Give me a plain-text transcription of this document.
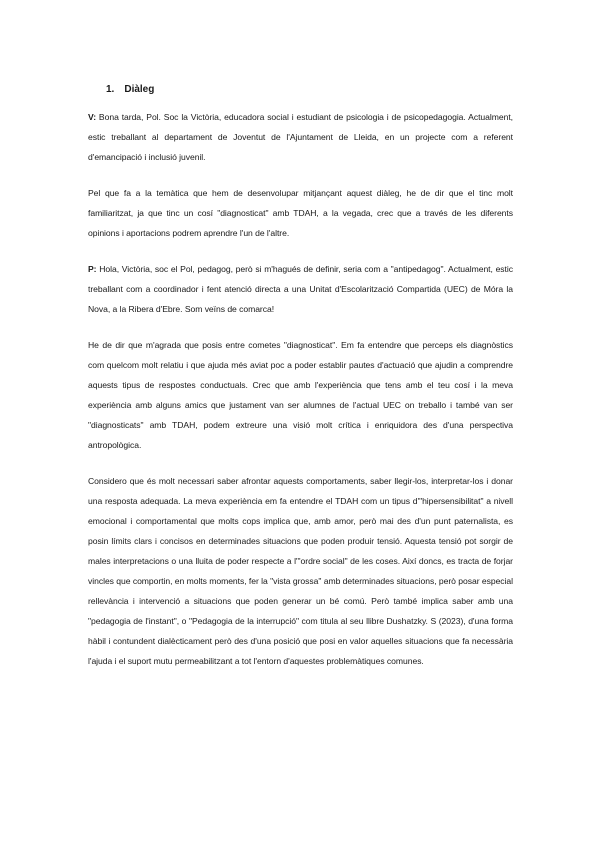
1. Diàleg

V: Bona tarda, Pol. Soc la Victòria, educadora social i estudiant de psicologia i de psicopedagogia. Actualment, estic treballant al departament de Joventut de l'Ajuntament de Lleida, en un projecte com a referent d'emancipació i inclusió juvenil.

Pel que fa a la temàtica que hem de desenvolupar mitjançant aquest diàleg, he de dir que el tinc molt familiaritzat, ja que tinc un cosí "diagnosticat" amb TDAH, a la vegada, crec que a través de les diferents opinions i aportacions podrem aprendre l'un de l'altre.

P: Hola, Victòria, soc el Pol, pedagog, però si m'hagués de definir, seria com a "antipedagog". Actualment, estic treballant com a coordinador i fent atenció directa a una Unitat d'Escolarització Compartida (UEC) de Móra la Nova, a la Ribera d'Ebre. Som veïns de comarca!

He de dir que m'agrada que posis entre cometes "diagnosticat". Em fa entendre que perceps els diagnòstics com quelcom molt relatiu i que ajuda més aviat poc a poder establir pautes d'actuació que ajudin a comprendre aquests tipus de respostes conductuals. Crec que amb l'experiència que tens amb el teu cosí i la meva experiència amb alguns amics que justament van ser alumnes de l'actual UEC on treballo i també van ser "diagnosticats" amb TDAH, podem extreure una visió molt crítica i enriquidora des d'una perspectiva antropològica.

Considero que és molt necessari saber afrontar aquests comportaments, saber llegir-los, interpretar-los i donar una resposta adequada. La meva experiència em fa entendre el TDAH com un tipus d'"hipersensibilitat" a nivell emocional i comportamental que molts cops implica que, amb amor, però mai des d'un punt paternalista, es posin límits clars i concisos en determinades situacions que poden produir tensió. Aquesta tensió pot sorgir de males interpretacions o una lluita de poder respecte a l'"ordre social" de les coses. Així doncs, es tracta de forjar vincles que comportin, en molts moments, fer la "vista grossa" amb determinades situacions, però posar especial rellevància i intervenció a situacions que poden generar un bé comú. Però també implica saber amb una "pedagogia de l'instant", o "Pedagogia de la interrupció" com titula al seu llibre Dushatzky. S (2023), d'una forma hàbil i contundent dialècticament però des d'una posició que posi en valor aquelles situacions que fa necessària l'ajuda i el suport mutu permeabilitzant a tot l'entorn d'aquestes problemàtiques comunes.
